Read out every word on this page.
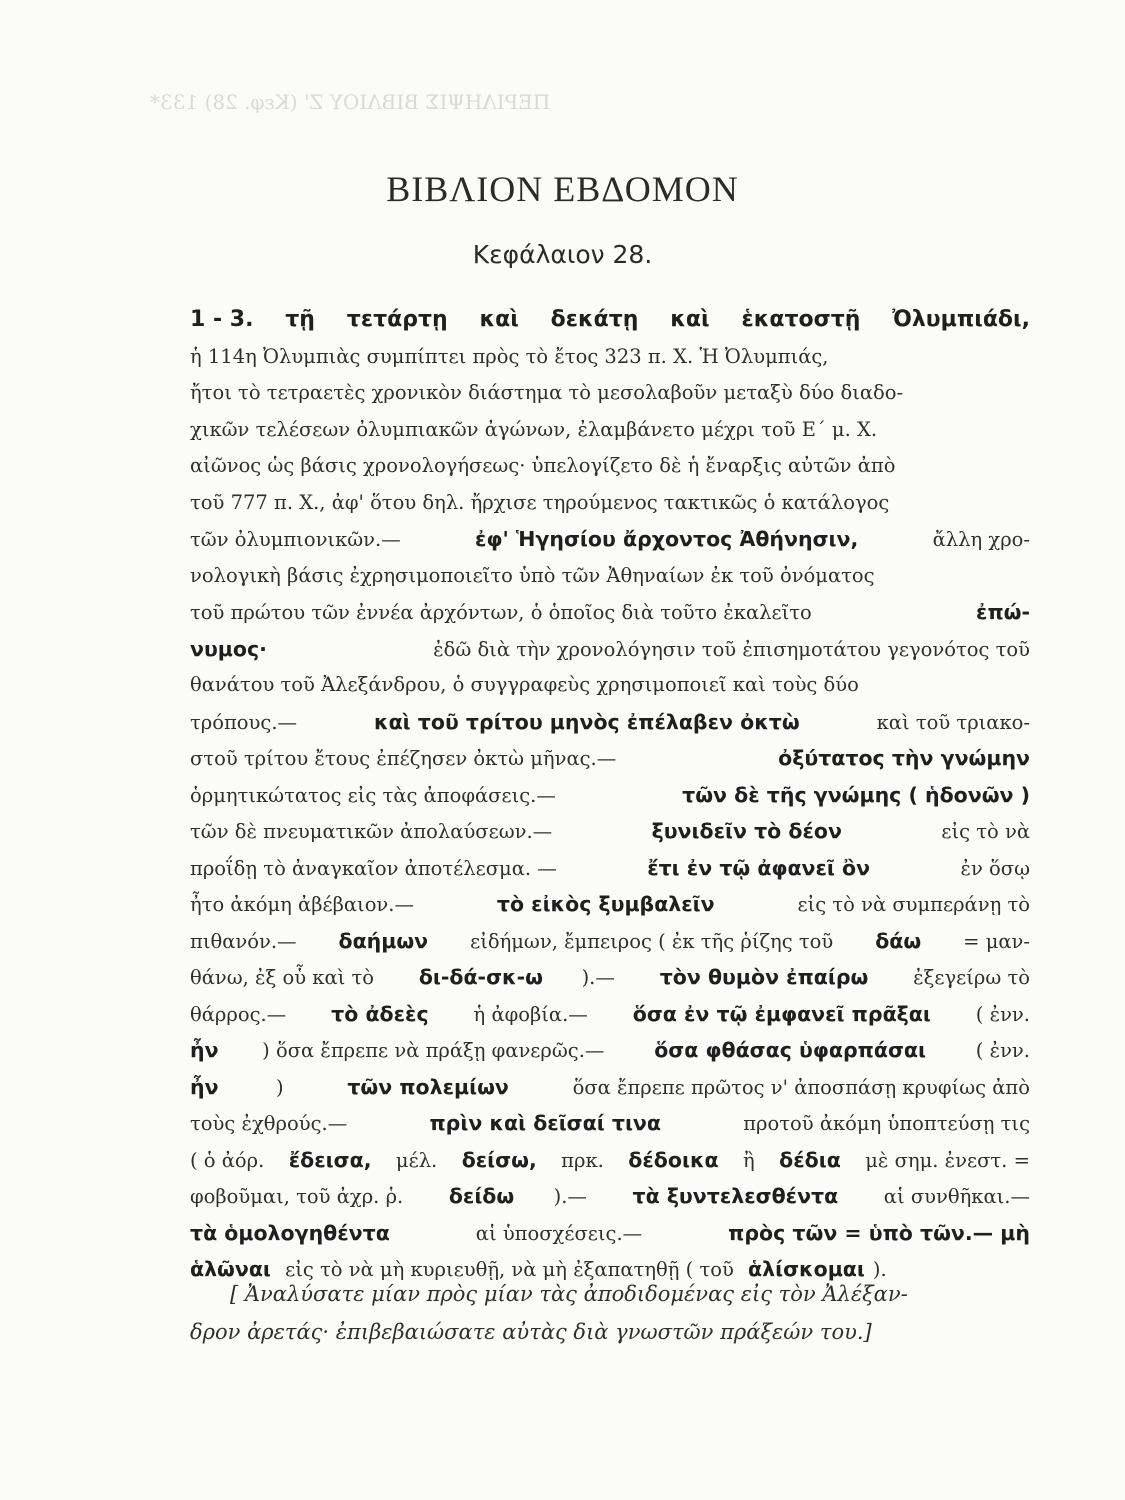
ΠΕΡΙΛΗΨΙΣ ΒΙΒΛΙΟΥ Ζ' (Κεφ. 28) 133*
ΒΙΒΛΙΟΝ ΕΒΔΟΜΟΝ
Κεφάλαιον 28.
1 - 3. τῇ τετάρτῃ καὶ δεκάτῃ καὶ ἑκατοστῇ Ὀλυμπιάδι,
ἡ 114η Ὀλυμπιὰς συμπίπτει πρὸς τὸ ἔτος 323 π. Χ. Ἡ Ὀλυμπιάς,
ἤτοι τὸ τετραετὲς χρονικὸν διάστημα τὸ μεσολαβοῦν μεταξὺ δύο διαδο-
χικῶν τελέσεων ὀλυμπιακῶν ἀγώνων, ἐλαμβάνετο μέχρι τοῦ Ε΄ μ. Χ.
αἰῶνος ὡς βάσις χρονολογήσεως· ὑπελογίζετο δὲ ἡ ἔναρξις αὐτῶν ἀπὸ
τοῦ 777 π. Χ., ἀφ' ὅτου δηλ. ἤρχισε τηρούμενος τακτικῶς ὁ κατάλογος
τῶν ὀλυμπιονικῶν.—	ἐφ' Ἡγησίου ἄρχοντος Ἀθήνησιν,	ἄλλη χρο-
νολογικὴ βάσις ἐχρησιμοποιεῖτο ὑπὸ τῶν Ἀθηναίων ἐκ τοῦ ὀνόματος
τοῦ πρώτου τῶν ἐννέα ἀρχόντων, ὁ ὁποῖος διὰ τοῦτο ἐκαλεῖτο	ἐπώ-
νυμος·	ἐδῶ διὰ τὴν χρονολόγησιν τοῦ ἐπισημοτάτου γεγονότος τοῦ
θανάτου τοῦ Ἀλεξάνδρου, ὁ συγγραφεὺς χρησιμοποιεῖ καὶ τοὺς δύο
τρόπους.—	καὶ τοῦ τρίτου μηνὸς ἐπέλαβεν ὀκτὼ	καὶ τοῦ τριακο-
στοῦ τρίτου ἔτους ἐπέζησεν ὀκτὼ μῆνας.—	ὀξύτατος τὴν γνώμην
ὁρμητικώτατος εἰς τὰς ἀποφάσεις.—	τῶν δὲ τῆς γνώμης ( ἡδονῶν )
τῶν δὲ πνευματικῶν ἀπολαύσεων.—	ξυνιδεῖν τὸ δέον	εἰς τὸ νὰ
προΐδῃ τὸ ἀναγκαῖον ἀποτέλεσμα. —	ἔτι ἐν τῷ ἀφανεῖ ὂν	ἐν ὅσῳ
ἦτο ἀκόμη ἀβέβαιον.—	τὸ εἰκὸς ξυμβαλεῖν	εἰς τὸ νὰ συμπεράνῃ τὸ
πιθανόν.— δαήμων εἰδήμων, ἔμπειρος ( ἐκ τῆς ῥίζης τοῦ δάω = μαν-
θάνω, ἐξ οὗ καὶ τὸ δι-δά-σκ-ω ).— τὸν θυμὸν ἐπαίρω ἐξεγείρω τὸ
θάρρος.— τὸ ἀδεὲς ἡ ἀφοβία.— ὅσα ἐν τῷ ἐμφανεῖ πρᾶξαι ( ἐνν.
ἦν ) ὅσα ἔπρεπε νὰ πράξῃ φανερῶς.— ὅσα φθάσας ὑφαρπάσαι ( ἐνν.
ἦν	)	τῶν πολεμίων	ὅσα ἔπρεπε πρῶτος ν' ἀποσπάσῃ κρυφίως ἀπὸ
τοὺς ἐχθρούς.—	πρὶν καὶ δεῖσαί τινα	προτοῦ ἀκόμη ὑποπτεύσῃ τις
( ὁ ἀόρ. ἔδεισα, μέλ. δείσω, πρκ. δέδοικα ἢ δέδια μὲ σημ. ἐνεστ. =
φοβοῦμαι, τοῦ ἀχρ. ῥ. δείδω ).— τὰ ξυντελεσθέντα αἱ συνθῆκαι.—
τὰ ὁμολογηθέντα	αἱ ὑποσχέσεις.—	πρὸς τῶν = ὑπὸ τῶν.— μὴ
ἁλῶναι εἰς τὸ νὰ μὴ κυριευθῇ, νὰ μὴ ἐξαπατηθῇ ( τοῦ ἁλίσκομαι ).
[ Ἀναλύσατε μίαν πρὸς μίαν τὰς ἀποδιδομένας εἰς τὸν Ἀλέξαν-
δρον ἀρετάς· ἐπιβεβαιώσατε αὐτὰς διὰ γνωστῶν πράξεών του.]
